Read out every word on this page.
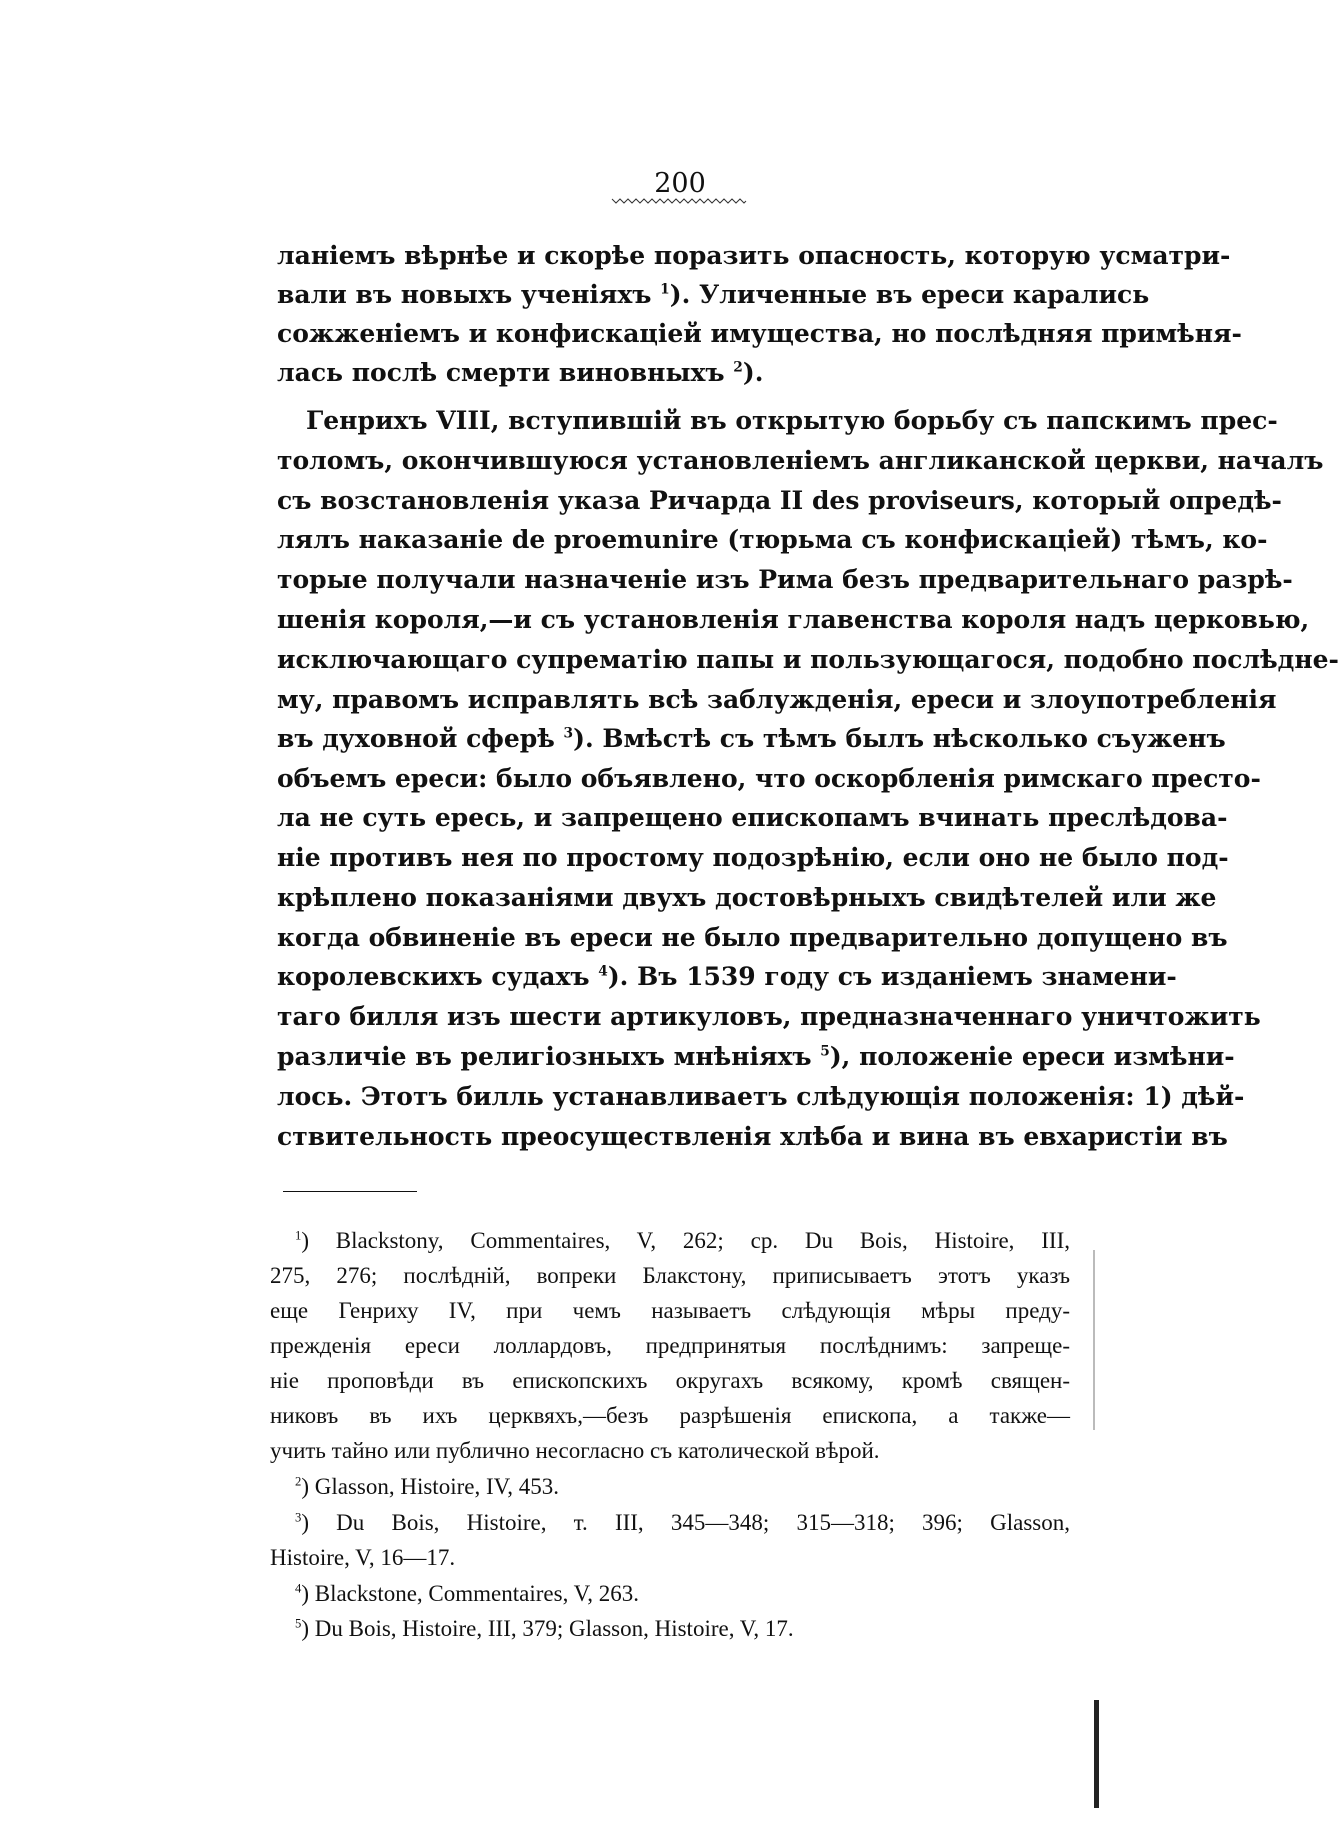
200
ланіемъ вѣрнѣе и скорѣе поразить опасность, которую усматри-
вали въ новыхъ ученіяхъ $^1$). Уличенные въ ереси карались
сожженіемъ и конфискаціей имущества, но послѣдняя примѣня-
лась послѣ смерти виновныхъ $^2$).
Генрихъ VIII, вступившій въ открытую борьбу съ папскимъ прес-
толомъ, окончившуюся установленіемъ англиканской церкви, началъ
съ возстановленія указа Ричарда II des proviseurs, который опредѣ-
лялъ наказаніе de proemunire (тюрьма съ конфискаціей) тѣмъ, ко-
торые получали назначеніе изъ Рима безъ предварительнаго разрѣ-
шенія короля,—и съ установленія главенства короля надъ церковью,
исключающаго супрематію папы и пользующагося, подобно послѣдне-
му, правомъ исправлять всѣ заблужденія, ереси и злоупотребленія
въ духовной сферѣ $^3$). Вмѣстѣ съ тѣмъ былъ нѣсколько съуженъ
объемъ ереси: было объявлено, что оскорбленія римскаго престо-
ла не суть ересь, и запрещено епископамъ вчинать преслѣдова-
ніе противъ нея по простому подозрѣнію, если оно не было под-
крѣплено показаніями двухъ достовѣрныхъ свидѣтелей или же
когда обвиненіе въ ереси не было предварительно допущено въ
королевскихъ судахъ $^4$). Въ 1539 году съ изданіемъ знамени-
таго билля изъ шести артикуловъ, предназначеннаго уничтожить
различіе въ религіозныхъ мнѣніяхъ $^5$), положеніе ереси измѣни-
лось. Этотъ билль устанавливаетъ слѣдующія положенія: 1) дѣй-
ствительность преосуществленія хлѣба и вина въ евхаристіи въ
$^1$) Blackstony, Commentaires, V, 262; cp. Du Bois, Histoire, III,
275, 276; послѣдній, вопреки Блакстону, приписываетъ этотъ указъ
еще Генриху IV, при чемъ называетъ слѣдующія мѣры преду-
прежденія ереси лоллардовъ, предпринятыя послѣднимъ: запреще-
ніе проповѣди въ епископскихъ округахъ всякому, кромѣ священ-
никовъ въ ихъ церквяхъ,—безъ разрѣшенія епископа, а также—
учить тайно или публично несогласно съ католической вѣрой.
$^2$) Glasson, Histoire, IV, 453.
$^3$) Du Bois, Histoire, т. III, 345—348; 315—318; 396; Glasson,
Histoire, V, 16—17.
$^4$) Blackstone, Commentaires, V, 263.
$^5$) Du Bois, Histoire, III, 379; Glasson, Histoire, V, 17.
